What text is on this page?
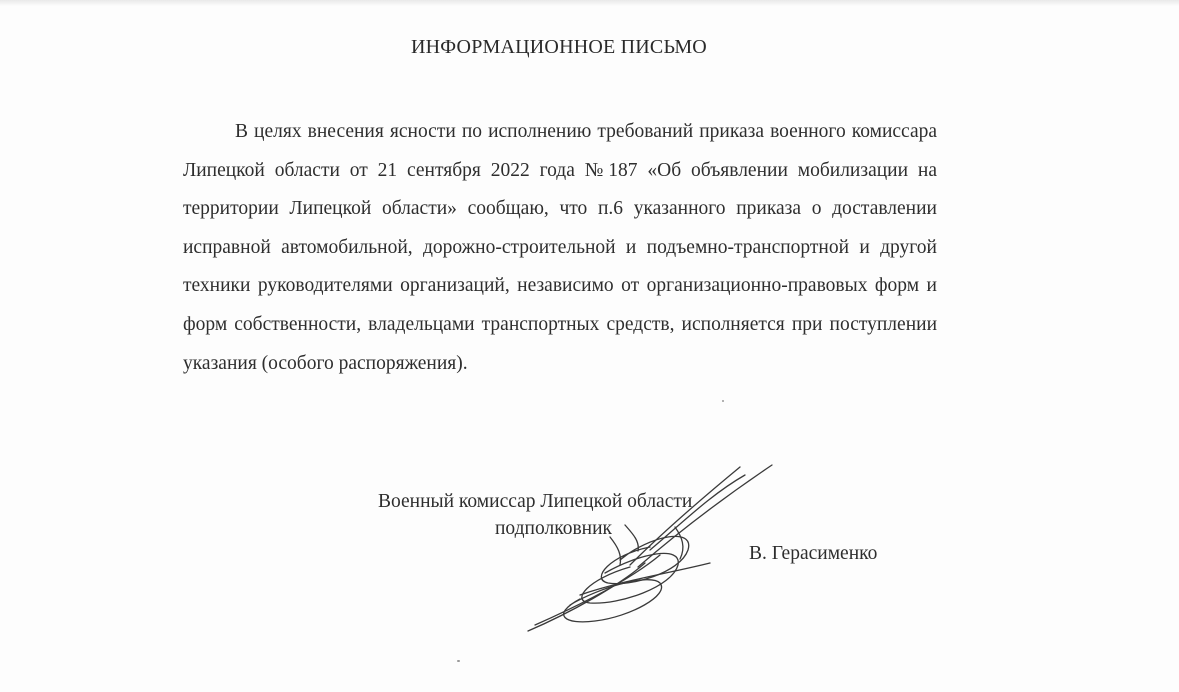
ИНФОРМАЦИОННОЕ ПИСЬМО

В целях внесения ясности по исполнению требований приказа военного комиссара Липецкой области от 21 сентября 2022 года №187 «Об объявлении мобилизации на территории Липецкой области» сообщаю, что п.6 указанного приказа о доставлении исправной автомобильной, дорожно-строительной и подъемно-транспортной и другой техники руководителями организаций, независимо от организационно-правовых форм и форм собственности, владельцами транспортных средств, исполняется при поступлении указания (особого распоряжения).

Военный комиссар Липецкой области
подполковник
В. Герасименко
